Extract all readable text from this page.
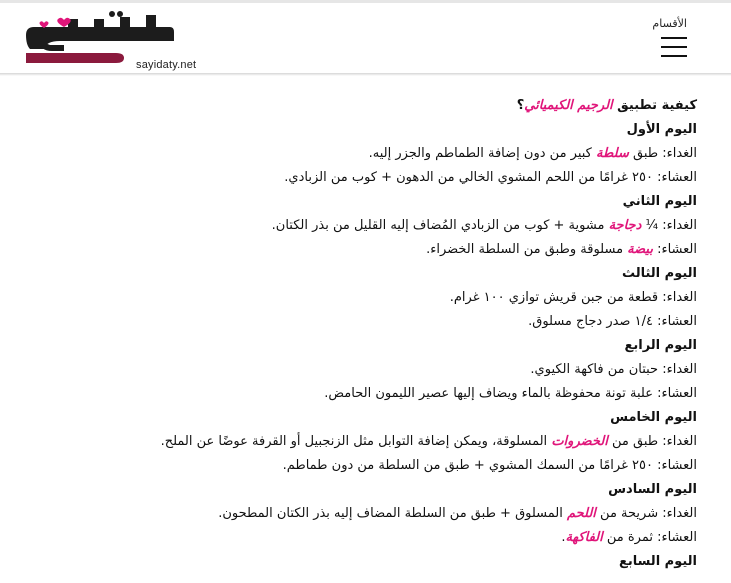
sayidaty.net
الأقسام

كيفية تطبيق الرجيم الكيميائي؟

اليوم الأول

الغداء: طبق سلطة كبير من دون إضافة الطماطم والجزر إليه.

العشاء: ٢٥٠ غرامًا من اللحم المشوي الخالي من الدهون + كوب من الزبادي.

اليوم الثاني

الغداء: ¼ دجاجة مشوية + كوب من الزبادي المُضاف إليه القليل من بذر الكتان.

العشاء: بيضة مسلوقة وطبق من السلطة الخضراء.

اليوم الثالث

الغداء: قطعة من جبن قريش توازي ١٠٠ غرام.

العشاء: ١/٤ صدر دجاج مسلوق.

اليوم الرابع

الغداء: حبتان من فاكهة الكيوي.

العشاء: علبة تونة محفوظة بالماء ويضاف إليها عصير الليمون الحامض.

اليوم الخامس

الغداء: طبق من الخضروات المسلوقة، ويمكن إضافة التوابل مثل الزنجبيل أو القرفة عوضًا عن الملح.

العشاء: ٢٥٠ غرامًا من السمك المشوي + طبق من السلطة من دون طماطم.

اليوم السادس

الغداء: شريحة من اللحم المسلوق + طبق من السلطة المضاف إليه بذر الكتان المطحون.

العشاء: ثمرة من الفاكهة.

اليوم السابع
